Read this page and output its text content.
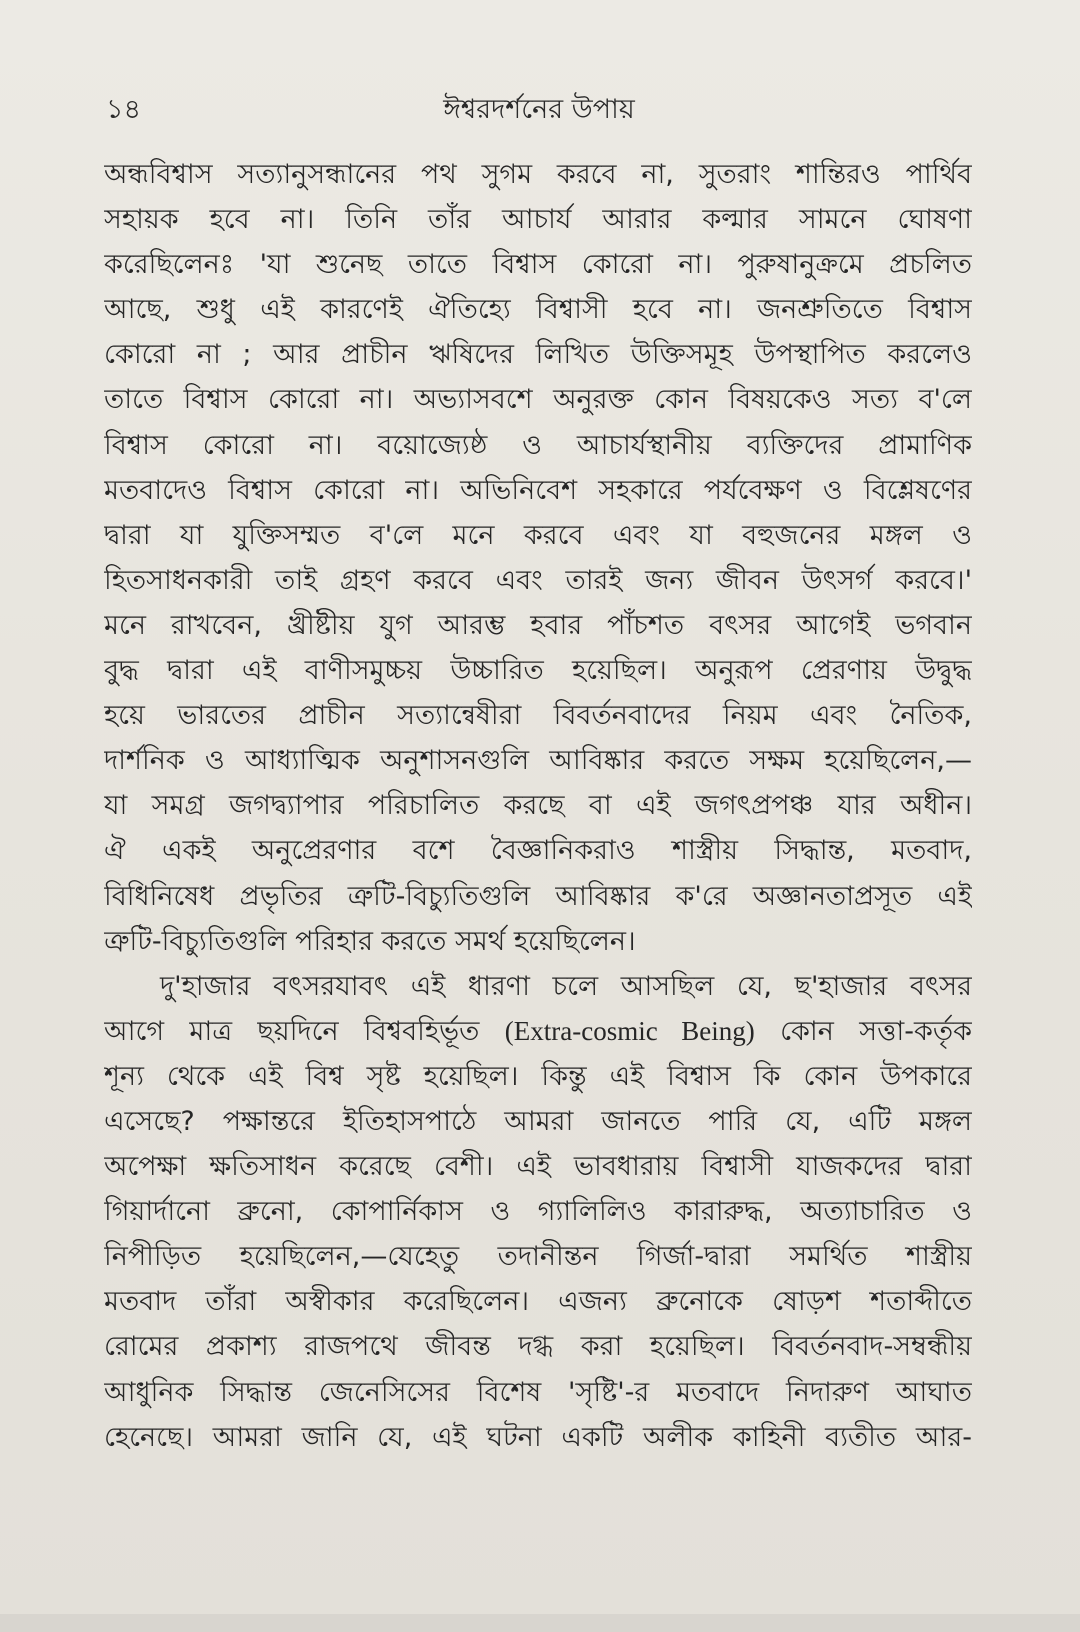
১৪	ঈশ্বরদর্শনের উপায়
অন্ধবিশ্বাস সত্যানুসন্ধানের পথ সুগম করবে না, সুতরাং শান্তিরও পার্থিব
সহায়ক হবে না। তিনি তাঁর আচার্য আরার কল্মার সামনে ঘোষণা
করেছিলেনঃ 'যা শুনেছ তাতে বিশ্বাস কোরো না। পুরুষানুক্রমে প্রচলিত
আছে, শুধু এই কারণেই ঐতিহ্যে বিশ্বাসী হবে না। জনশ্রুতিতে বিশ্বাস
কোরো না ; আর প্রাচীন ঋষিদের লিখিত উক্তিসমূহ উপস্থাপিত করলেও
তাতে বিশ্বাস কোরো না। অভ্যাসবশে অনুরক্ত কোন বিষয়কেও সত্য ব'লে
বিশ্বাস কোরো না। বয়োজ্যেষ্ঠ ও আচার্যস্থানীয় ব্যক্তিদের প্রামাণিক
মতবাদেও বিশ্বাস কোরো না। অভিনিবেশ সহকারে পর্যবেক্ষণ ও বিশ্লেষণের
দ্বারা যা যুক্তিসম্মত ব'লে মনে করবে এবং যা বহুজনের মঙ্গল ও
হিতসাধনকারী তাই গ্রহণ করবে এবং তারই জন্য জীবন উৎসর্গ করবে।'
মনে রাখবেন, খ্রীষ্টীয় যুগ আরম্ভ হবার পাঁচশত বৎসর আগেই ভগবান
বুদ্ধ দ্বারা এই বাণীসমুচ্চয় উচ্চারিত হয়েছিল। অনুরূপ প্রেরণায় উদ্বুদ্ধ
হয়ে ভারতের প্রাচীন সত্যান্বেষীরা বিবর্তনবাদের নিয়ম এবং নৈতিক,
দার্শনিক ও আধ্যাত্মিক অনুশাসনগুলি আবিষ্কার করতে সক্ষম হয়েছিলেন,—
যা সমগ্র জগদ্ব্যাপার পরিচালিত করছে বা এই জগৎপ্রপঞ্চ যার অধীন।
ঐ একই অনুপ্রেরণার বশে বৈজ্ঞানিকরাও শাস্ত্রীয় সিদ্ধান্ত, মতবাদ,
বিধিনিষেধ প্রভৃতির ত্রুটি-বিচ্যুতিগুলি আবিষ্কার ক'রে অজ্ঞানতাপ্রসূত এই
ত্রুটি-বিচ্যুতিগুলি পরিহার করতে সমর্থ হয়েছিলেন।
দু'হাজার বৎসরযাবৎ এই ধারণা চলে আসছিল যে, ছ'হাজার বৎসর
আগে মাত্র ছয়দিনে বিশ্ববহির্ভূত (Extra-cosmic Being) কোন সত্তা-কর্তৃক
শূন্য থেকে এই বিশ্ব সৃষ্ট হয়েছিল। কিন্তু এই বিশ্বাস কি কোন উপকারে
এসেছে? পক্ষান্তরে ইতিহাসপাঠে আমরা জানতে পারি যে, এটি মঙ্গল
অপেক্ষা ক্ষতিসাধন করেছে বেশী। এই ভাবধারায় বিশ্বাসী যাজকদের দ্বারা
গিয়ার্দানো ব্রুনো, কোপার্নিকাস ও গ্যালিলিও কারারুদ্ধ, অত্যাচারিত ও
নিপীড়িত হয়েছিলেন,—যেহেতু তদানীন্তন গির্জা-দ্বারা সমর্থিত শাস্ত্রীয়
মতবাদ তাঁরা অস্বীকার করেছিলেন। এজন্য ব্রুনোকে ষোড়শ শতাব্দীতে
রোমের প্রকাশ্য রাজপথে জীবন্ত দগ্ধ করা হয়েছিল। বিবর্তনবাদ-সম্বন্ধীয়
আধুনিক সিদ্ধান্ত জেনেসিসের বিশেষ 'সৃষ্টি'-র মতবাদে নিদারুণ আঘাত
হেনেছে। আমরা জানি যে, এই ঘটনা একটি অলীক কাহিনী ব্যতীত আর-
